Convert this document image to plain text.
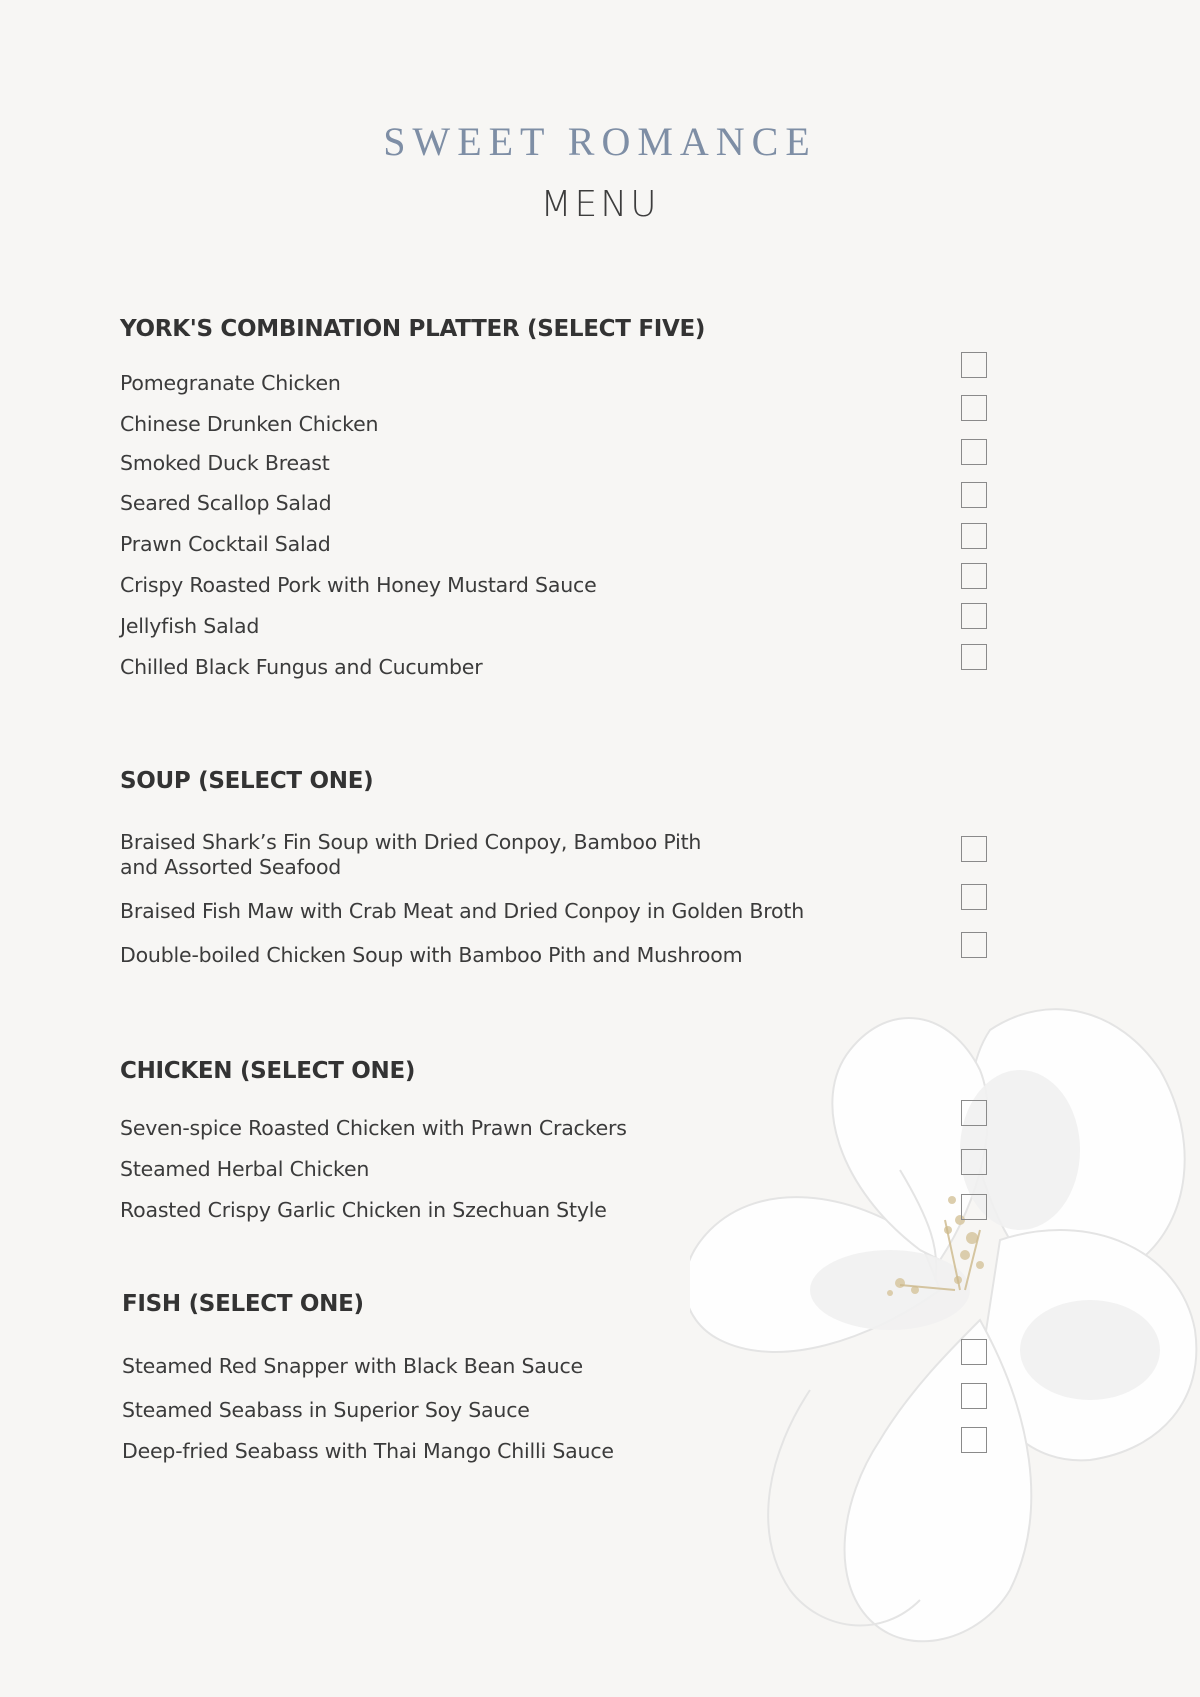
SWEET ROMANCE
MENU
YORK'S COMBINATION PLATTER (SELECT FIVE)
Pomegranate Chicken
Chinese Drunken Chicken
Smoked Duck Breast
Seared Scallop Salad
Prawn Cocktail Salad
Crispy Roasted Pork with Honey Mustard Sauce
Jellyfish Salad
Chilled Black Fungus and Cucumber
SOUP (SELECT ONE)
Braised Shark’s Fin Soup with Dried Conpoy, Bamboo Pith
and Assorted Seafood
Braised Fish Maw with Crab Meat and Dried Conpoy in Golden Broth
Double-boiled Chicken Soup with Bamboo Pith and Mushroom
CHICKEN (SELECT ONE)
Seven-spice Roasted Chicken with Prawn Crackers
Steamed Herbal Chicken
Roasted Crispy Garlic Chicken in Szechuan Style
FISH (SELECT ONE)
Steamed Red Snapper with Black Bean Sauce
Steamed Seabass in Superior Soy Sauce
Deep-fried Seabass with Thai Mango Chilli Sauce
